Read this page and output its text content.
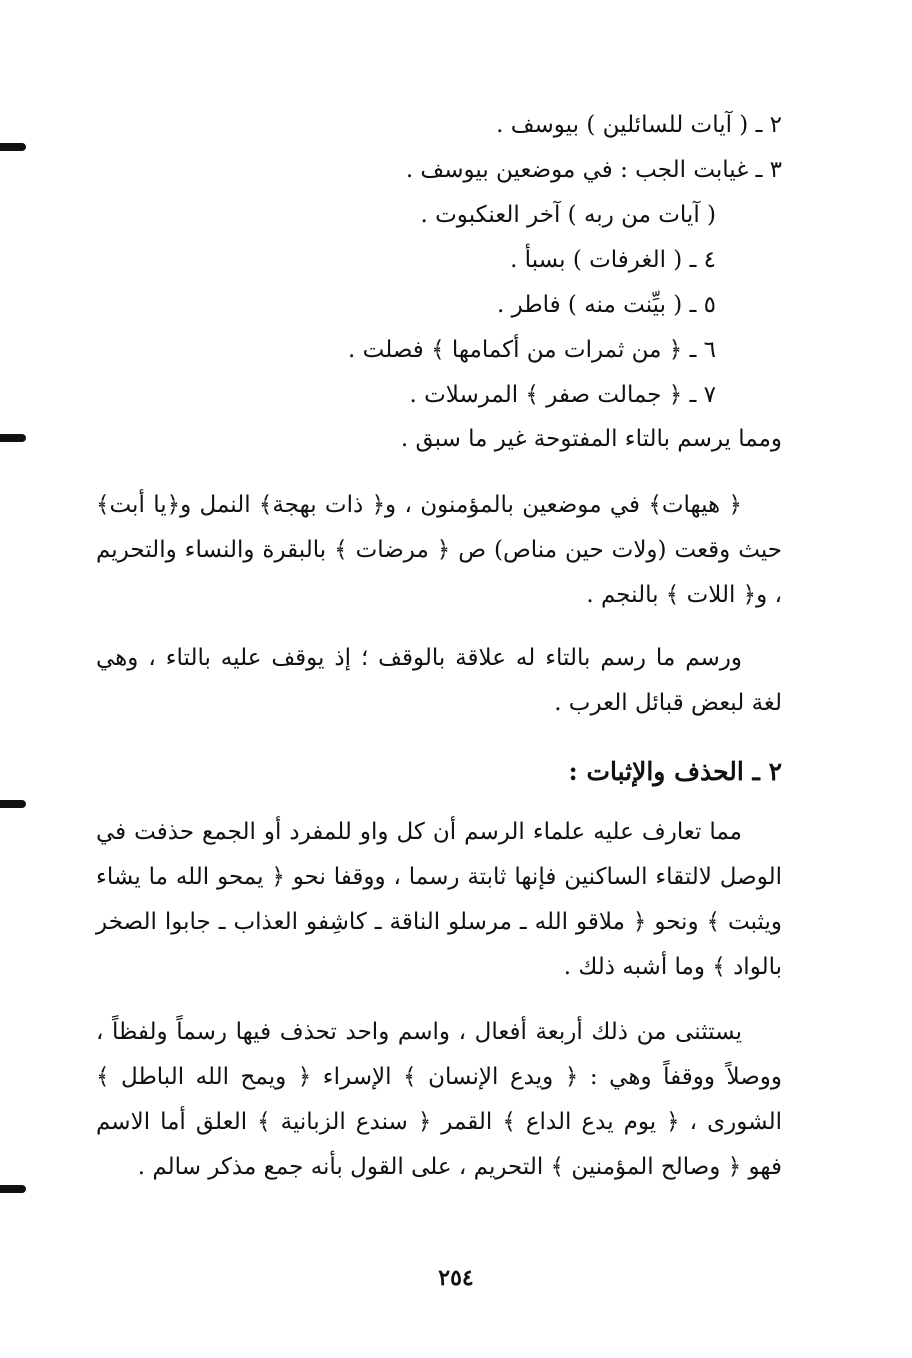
٢ ـ ( آيات للسائلين ) بيوسف .
٣ ـ غيابت الجب : في موضعين بيوسف .
( آيات من ربه ) آخر العنكبوت .
٤ ـ ( الغرفات ) بسبأ .
٥ ـ ( بيِّنت منه ) فاطر .
٦ ـ ﴿ من ثمرات من أكمامها ﴾ فصلت .
٧ ـ ﴿ جمالت صفر ﴾ المرسلات .
ومما يرسم بالتاء المفتوحة غير ما سبق .
﴿ هيهات﴾ في موضعين بالمؤمنون ، و﴿ ذات بهجة﴾ النمل و﴿يا أبت﴾حيث وقعت (ولات حين مناص) ص ﴿ مرضات ﴾ بالبقرة والنساء والتحريم ، و﴿ اللات ﴾ بالنجم .
ورسم ما رسم بالتاء له علاقة بالوقف ؛ إذ يوقف عليه بالتاء ، وهي لغة لبعض قبائل العرب .
٢ ـ الحذف والإثبات :
مما تعارف عليه علماء الرسم أن كل واو للمفرد أو الجمع حذفت في الوصل لالتقاء الساكنين فإنها ثابتة رسما ، ووقفا نحو ﴿ يمحو الله ما يشاء ويثبت ﴾ ونحو ﴿ ملاقو الله ـ مرسلو الناقة ـ كاشِفو العذاب ـ جابوا الصخر بالواد ﴾ وما أشبه ذلك .
يستثنى من ذلك أربعة أفعال ، واسم واحد تحذف فيها رسماً ولفظاً ، ووصلاً ووقفاً وهي : ﴿ ويدع الإنسان ﴾ الإسراء ﴿ ويمح الله الباطل ﴾ الشورى ، ﴿ يوم يدع الداع ﴾ القمر ﴿ سندع الزبانية ﴾ العلق أما الاسم فهو ﴿ وصالح المؤمنين ﴾ التحريم ، على القول بأنه جمع مذكر سالم .
٢٥٤
